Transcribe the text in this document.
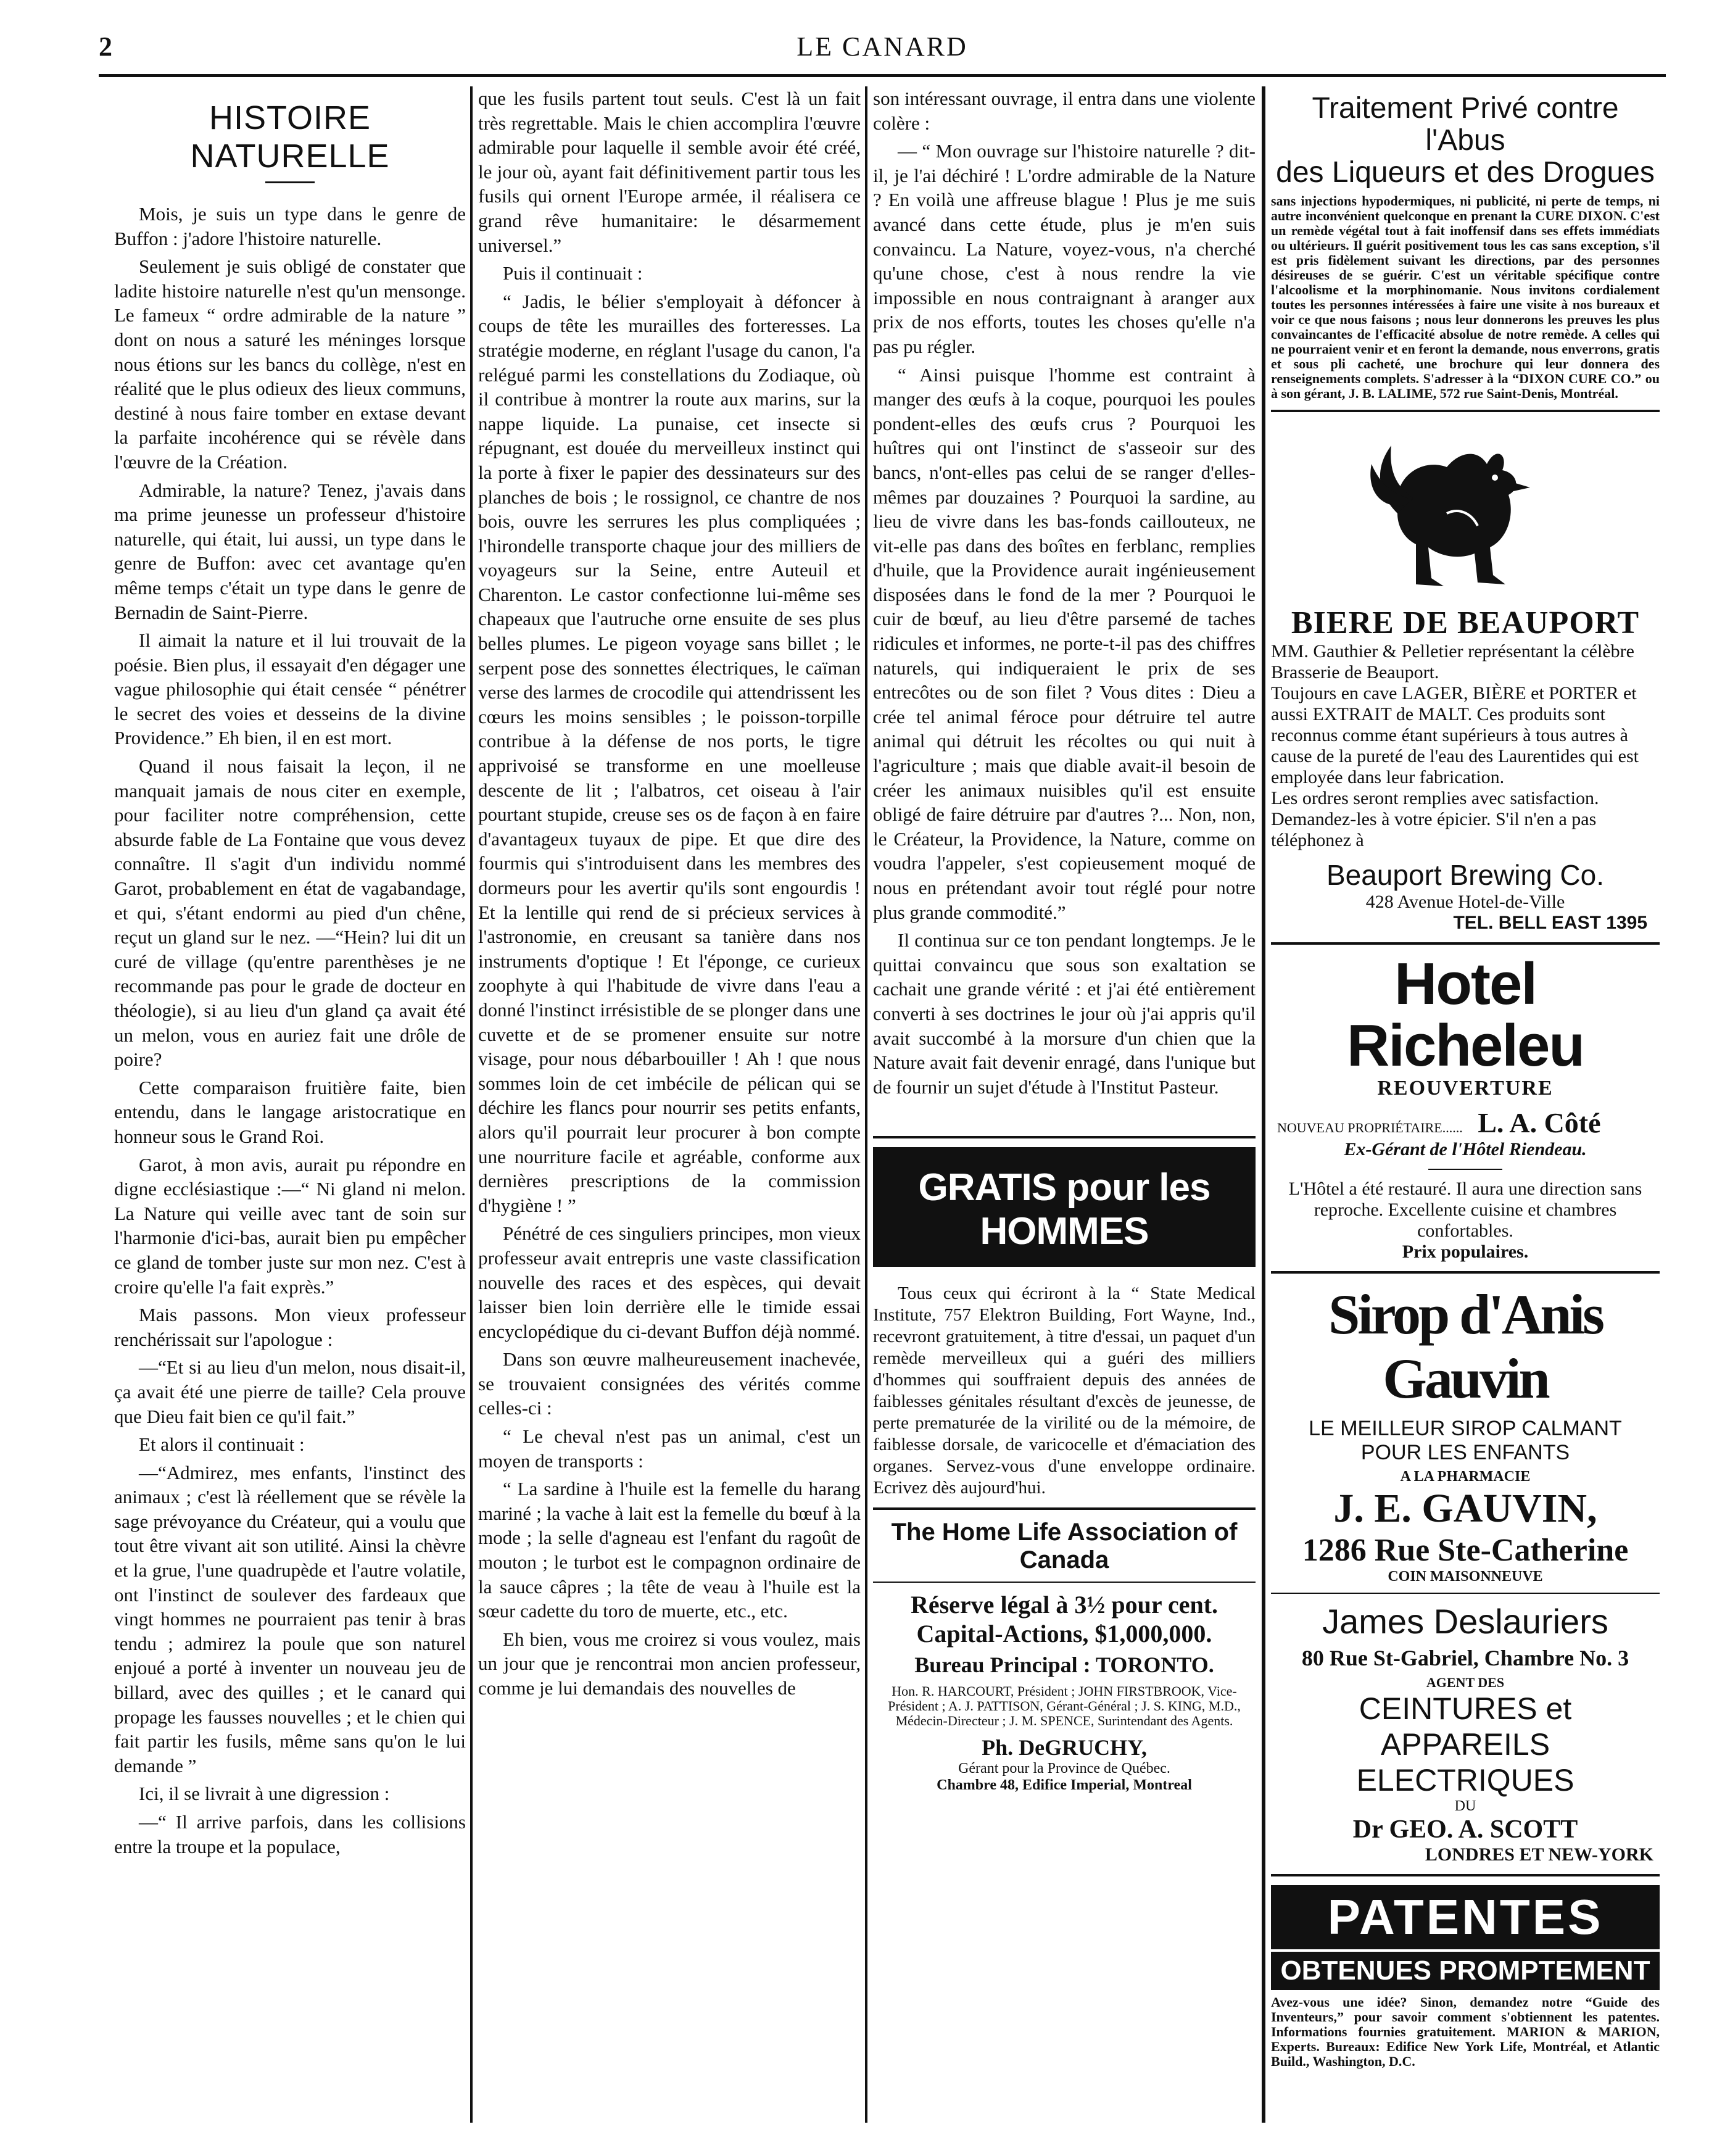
2	LE CANARD
HISTOIRE NATURELLE

Mois, je suis un type dans le genre de Buffon : j'adore l'histoire naturelle.

Seulement je suis obligé de constater que ladite histoire naturelle n'est qu'un mensonge. Le fameux “ ordre admirable de la nature ” dont on nous a saturé les méninges lorsque nous étions sur les bancs du collège, n'est en réalité que le plus odieux des lieux communs, destiné à nous faire tomber en extase devant la parfaite incohérence qui se révèle dans l'œuvre de la Création.

Admirable, la nature? Tenez, j'avais dans ma prime jeunesse un professeur d'histoire naturelle, qui était, lui aussi, un type dans le genre de Buffon: avec cet avantage qu'en même temps c'était un type dans le genre de Bernadin de Saint-Pierre.

Il aimait la nature et il lui trouvait de la poésie. Bien plus, il essayait d'en dégager une vague philosophie qui était censée “ pénétrer le secret des voies et desseins de la divine Providence.” Eh bien, il en est mort.

Quand il nous faisait la leçon, il ne manquait jamais de nous citer en exemple, pour faciliter notre compréhension, cette absurde fable de La Fontaine que vous devez connaître. Il s'agit d'un individu nommé Garot, probablement en état de vagabandage, et qui, s'étant endormi au pied d'un chêne, reçut un gland sur le nez. —“Hein? lui dit un curé de village (qu'entre parenthèses je ne recommande pas pour le grade de docteur en théologie), si au lieu d'un gland ça avait été un melon, vous en auriez fait une drôle de poire?

Cette comparaison fruitière faite, bien entendu, dans le langage aristocratique en honneur sous le Grand Roi.

Garot, à mon avis, aurait pu répondre en digne ecclésiastique :—“ Ni gland ni melon. La Nature qui veille avec tant de soin sur l'harmonie d'ici-bas, aurait bien pu empêcher ce gland de tomber juste sur mon nez. C'est à croire qu'elle l'a fait exprès.”

Mais passons. Mon vieux professeur renchérissait sur l'apologue :

—“Et si au lieu d'un melon, nous disait-il, ça avait été une pierre de taille? Cela prouve que Dieu fait bien ce qu'il fait.”

Et alors il continuait :

—“Admirez, mes enfants, l'instinct des animaux ; c'est là réellement que se révèle la sage prévoyance du Créateur, qui a voulu que tout être vivant ait son utilité. Ainsi la chèvre et la grue, l'une quadrupède et l'autre volatile, ont l'instinct de soulever des fardeaux que vingt hommes ne pourraient pas tenir à bras tendu ; admirez la poule que son naturel enjoué a porté à inventer un nouveau jeu de billard, avec des quilles ; et le canard qui propage les fausses nouvelles ; et le chien qui fait partir les fusils, même sans qu'on le lui demande ”

Ici, il se livrait à une digression :

—“ Il arrive parfois, dans les collisions entre la troupe et la populace,

que les fusils partent tout seuls. C'est là un fait très regrettable. Mais le chien accomplira l'œuvre admirable pour laquelle il semble avoir été créé, le jour où, ayant fait définitivement partir tous les fusils qui ornent l'Europe armée, il réalisera ce grand rêve humanitaire: le désarmement universel.”

Puis il continuait :

“ Jadis, le bélier s'employait à défoncer à coups de tête les murailles des forteresses. La stratégie moderne, en réglant l'usage du canon, l'a relégué parmi les constellations du Zodiaque, où il contribue à montrer la route aux marins, sur la nappe liquide. La punaise, cet insecte si répugnant, est douée du merveilleux instinct qui la porte à fixer le papier des dessinateurs sur des planches de bois ; le rossignol, ce chantre de nos bois, ouvre les serrures les plus compliquées ; l'hirondelle transporte chaque jour des milliers de voyageurs sur la Seine, entre Auteuil et Charenton. Le castor confectionne lui-même ses chapeaux que l'autruche orne ensuite de ses plus belles plumes. Le pigeon voyage sans billet ; le serpent pose des sonnettes électriques, le caïman verse des larmes de crocodile qui attendrissent les cœurs les moins sensibles ; le poisson-torpille contribue à la défense de nos ports, le tigre apprivoisé se transforme en une moelleuse descente de lit ; l'albatros, cet oiseau à l'air pourtant stupide, creuse ses os de façon à en faire d'avantageux tuyaux de pipe. Et que dire des fourmis qui s'introduisent dans les membres des dormeurs pour les avertir qu'ils sont engourdis ! Et la lentille qui rend de si précieux services à l'astronomie, en creusant sa tanière dans nos instruments d'optique ! Et l'éponge, ce curieux zoophyte à qui l'habitude de vivre dans l'eau a donné l'instinct irrésistible de se plonger dans une cuvette et de se promener ensuite sur notre visage, pour nous débarbouiller ! Ah ! que nous sommes loin de cet imbécile de pélican qui se déchire les flancs pour nourrir ses petits enfants, alors qu'il pourrait leur procurer à bon compte une nourriture facile et agréable, conforme aux dernières prescriptions de la commission d'hygiène ! ”

Pénétré de ces singuliers principes, mon vieux professeur avait entrepris une vaste classification nouvelle des races et des espèces, qui devait laisser bien loin derrière elle le timide essai encyclopédique du ci-devant Buffon déjà nommé.

Dans son œuvre malheureusement inachevée, se trouvaient consignées des vérités comme celles-ci :

“ Le cheval n'est pas un animal, c'est un moyen de transports :

“ La sardine à l'huile est la femelle du harang mariné ; la vache à lait est la femelle du bœuf à la mode ; la selle d'agneau est l'enfant du ragoût de mouton ; le turbot est le compagnon ordinaire de la sauce câpres ; la tête de veau à l'huile est la sœur cadette du toro de muerte, etc., etc.

Eh bien, vous me croirez si vous voulez, mais un jour que je rencontrai mon ancien professeur, comme je lui demandais des nouvelles de

son intéressant ouvrage, il entra dans une violente colère :

— “ Mon ouvrage sur l'histoire naturelle ? dit-il, je l'ai déchiré ! L'ordre admirable de la Nature ? En voilà une affreuse blague ! Plus je me suis avancé dans cette étude, plus je m'en suis convaincu. La Nature, voyez-vous, n'a cherché qu'une chose, c'est à nous rendre la vie impossible en nous contraignant à aranger aux prix de nos efforts, toutes les choses qu'elle n'a pas pu régler.

“ Ainsi puisque l'homme est contraint à manger des œufs à la coque, pourquoi les poules pondent-elles des œufs crus ? Pourquoi les huîtres qui ont l'instinct de s'asseoir sur des bancs, n'ont-elles pas celui de se ranger d'elles-mêmes par douzaines ? Pourquoi la sardine, au lieu de vivre dans les bas-fonds caillouteux, ne vit-elle pas dans des boîtes en ferblanc, remplies d'huile, que la Providence aurait ingénieusement disposées dans le fond de la mer ? Pourquoi le cuir de bœuf, au lieu d'être parsemé de taches ridicules et informes, ne porte-t-il pas des chiffres naturels, qui indiqueraient le prix de ses entrecôtes ou de son filet ? Vous dites : Dieu a crée tel animal féroce pour détruire tel autre animal qui détruit les récoltes ou qui nuit à l'agriculture ; mais que diable avait-il besoin de créer les animaux nuisibles qu'il est ensuite obligé de faire détruire par d'autres ?... Non, non, le Créateur, la Providence, la Nature, comme on voudra l'appeler, s'est copieusement moqué de nous en prétendant avoir tout réglé pour notre plus grande commodité.”

Il continua sur ce ton pendant longtemps. Je le quittai convaincu que sous son exaltation se cachait une grande vérité : et j'ai été entièrement converti à ses doctrines le jour où j'ai appris qu'il avait succombé à la morsure d'un chien que la Nature avait fait devenir enragé, dans l'unique but de fournir un sujet d'étude à l'Institut Pasteur.

GRATIS pour les HOMMES

Tous ceux qui écriront à la “ State Medical Institute, 757 Elektron Building, Fort Wayne, Ind., recevront gratuitement, à titre d'essai, un paquet d'un remède merveilleux qui a guéri des milliers d'hommes qui souffraient depuis des années de faiblesses génitales résultant d'excès de jeunesse, de perte prematurée de la virilité ou de la mémoire, de faiblesse dorsale, de varicocelle et d'émaciation des organes. Servez-vous d'une enveloppe ordinaire. Ecrivez dès aujourd'hui.

The Home Life Association of Canada
Réserve légal à 3½ pour cent.
Capital-Actions, $1,000,000.
Bureau Principal : TORONTO.
Hon. R. HARCOURT, Président ; JOHN FIRSTBROOK, Vice-Président ; A. J. PATTISON, Gérant-Général ; J. S. KING, M.D., Médecin-Directeur ; J. M. SPENCE, Surintendant des Agents.
Ph. DeGRUCHY,
Gérant pour la Province de Québec.
Chambre 48, Edifice Imperial, Montreal
Traitement Privé contre l'Abus
des Liqueurs et des Drogues
sans injections hypodermiques, ni publicité, ni perte de temps, ni autre inconvénient quelconque en prenant la CURE DIXON. C'est un remède végétal tout à fait inoffensif dans ses effets immédiats ou ultérieurs. Il guérit positivement tous les cas sans exception, s'il est pris fidèlement suivant les directions, par des personnes désireuses de se guérir. C'est un véritable spécifique contre l'alcoolisme et la morphinomanie. Nous invitons cordialement toutes les personnes intéressées à faire une visite à nos bureaux et voir ce que nous faisons ; nous leur donnerons les preuves les plus convaincantes de l'efficacité absolue de notre remède. A celles qui ne pourraient venir et en feront la demande, nous enverrons, gratis et sous pli cacheté, une brochure qui leur donnera des renseignements complets. S'adresser à la “DIXON CURE CO.” ou à son gérant, J. B. LALIME, 572 rue Saint-Denis, Montréal.
BIERE DE BEAUPORT
MM. Gauthier & Pelletier représentant la célèbre Brasserie de Beauport.
Toujours en cave LAGER, BIÈRE et PORTER et aussi EXTRAIT de MALT. Ces produits sont reconnus comme étant supérieurs à tous autres à cause de la pureté de l'eau des Laurentides qui est employée dans leur fabrication.
Les ordres seront remplies avec satisfaction.
Demandez-les à votre épicier. S'il n'en a pas téléphonez à
Beauport Brewing Co.
428 Avenue Hotel-de-Ville
TEL. BELL EAST 1395
Hotel Richeleu
REOUVERTURE
NOUVEAU PROPRIÉTAIRE...... L. A. Côté
Ex-Gérant de l'Hôtel Riendeau.
L'Hôtel a été restauré. Il aura une direction sans reproche. Excellente cuisine et chambres confortables.
Prix populaires.
Sirop d'Anis Gauvin
LE MEILLEUR SIROP CALMANT
POUR LES ENFANTS
A LA PHARMACIE
J. E. GAUVIN,
1286 Rue Ste-Catherine
COIN MAISONNEUVE
James Deslauriers
80 Rue St-Gabriel, Chambre No. 3
AGENT DES
CEINTURES et
APPAREILS ELECTRIQUES
DU
Dr GEO. A. SCOTT
LONDRES ET NEW-YORK
PATENTES
OBTENUES PROMPTEMENT
Avez-vous une idée? Sinon, demandez notre “Guide des Inventeurs,” pour savoir comment s'obtiennent les patentes. Informations fournies gratuitement. MARION & MARION, Experts. Bureaux: Edifice New York Life, Montréal, et Atlantic Build., Washington, D.C.
